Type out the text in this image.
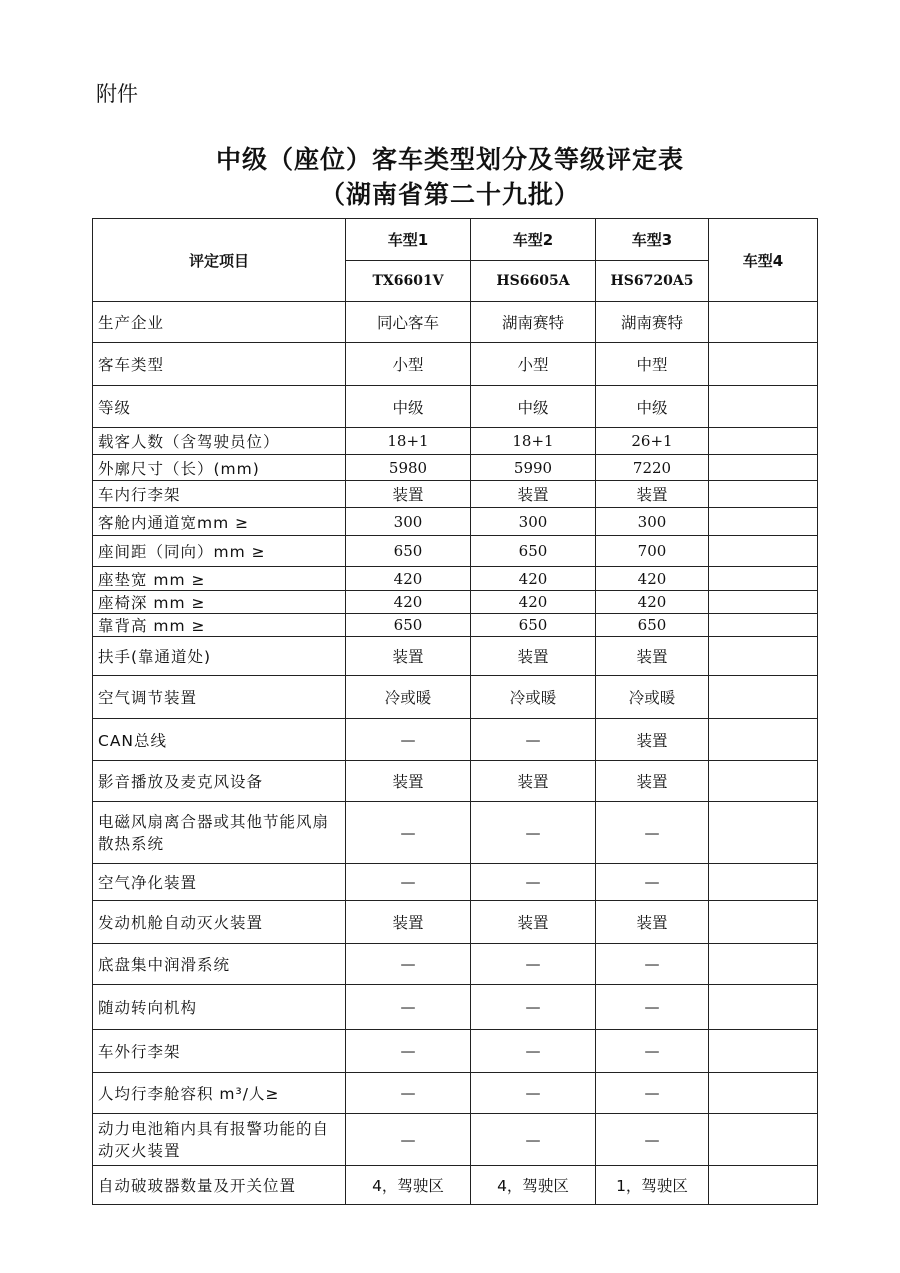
附件
中级（座位）客车类型划分及等级评定表
（湖南省第二十九批）
评定项目	车型1	车型2	车型3	车型4
	TX6601V	HS6605A	HS6720A5	
生产企业	同心客车	湖南赛特	湖南赛特	
客车类型	小型	小型	中型	
等级	中级	中级	中级	
载客人数（含驾驶员位）	18+1	18+1	26+1	
外廓尺寸（长）(mm)	5980	5990	7220	
车内行李架	装置	装置	装置	
客舱内通道宽mm ≥	300	300	300	
座间距（同向）mm ≥	650	650	700	
座垫宽 mm ≥	420	420	420	
座椅深 mm ≥	420	420	420	
靠背高 mm ≥	650	650	650	
扶手(靠通道处)	装置	装置	装置	
空气调节装置	冷或暖	冷或暖	冷或暖	
CAN总线	—	—	装置	
影音播放及麦克风设备	装置	装置	装置	
电磁风扇离合器或其他节能风扇散热系统	—	—	—	
空气净化装置	—	—	—	
发动机舱自动灭火装置	装置	装置	装置	
底盘集中润滑系统	—	—	—	
随动转向机构	—	—	—	
车外行李架	—	—	—	
人均行李舱容积 m³/人≥	—	—	—	
动力电池箱内具有报警功能的自动灭火装置	—	—	—	
自动破玻器数量及开关位置	4，驾驶区	4，驾驶区	1，驾驶区	
